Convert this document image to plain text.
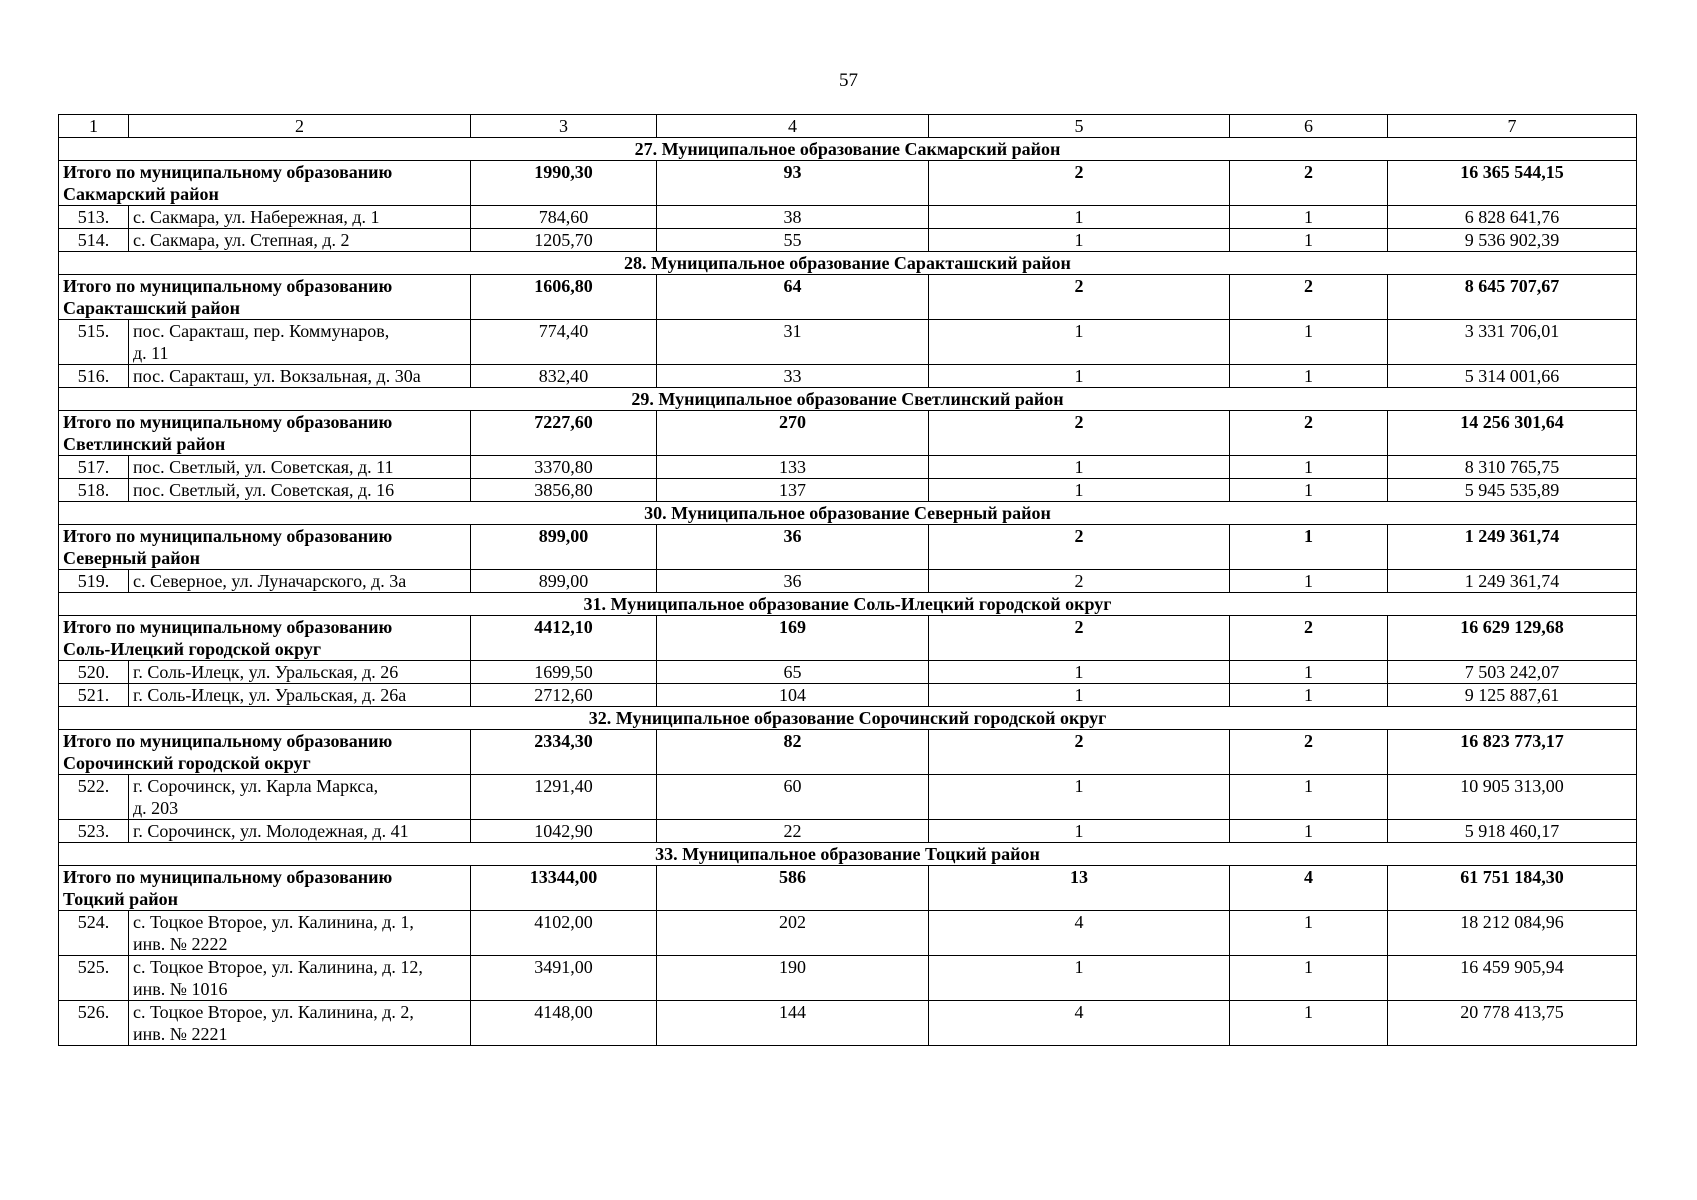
57
1	2	3	4	5	6	7
27. Муниципальное образование Сакмарский район						

Итого по муниципальному образованию
Сакмарский район		1990,30	93	2	2	16 365 544,15
513.	с. Сакмара, ул. Набережная, д. 1	784,60	38	1	1	6 828 641,76
514.	с. Сакмара, ул. Степная, д. 2	1205,70	55	1	1	9 536 902,39
28. Муниципальное образование Саракташский район						

Итого по муниципальному образованию
Саракташский район		1606,80	64	2	2	8 645 707,67
515.	пос. Саракташ, пер. Коммунаров,
д. 11	774,40	31	1	1	3 331 706,01
516.	пос. Саракташ, ул. Вокзальная, д. 30а	832,40	33	1	1	5 314 001,66
29. Муниципальное образование Светлинский район						

Итого по муниципальному образованию
Светлинский район		7227,60	270	2	2	14 256 301,64
517.	пос. Светлый, ул. Советская, д. 11	3370,80	133	1	1	8 310 765,75
518.	пос. Светлый, ул. Советская, д. 16	3856,80	137	1	1	5 945 535,89
30. Муниципальное образование Северный район						

Итого по муниципальному образованию
Северный район		899,00	36	2	1	1 249 361,74
519.	с. Северное, ул. Луначарского, д. 3а	899,00	36	2	1	1 249 361,74
31. Муниципальное образование Соль-Илецкий городской округ						

Итого по муниципальному образованию
Соль-Илецкий городской округ		4412,10	169	2	2	16 629 129,68
520.	г. Соль-Илецк, ул. Уральская, д. 26	1699,50	65	1	1	7 503 242,07
521.	г. Соль-Илецк, ул. Уральская, д. 26а	2712,60	104	1	1	9 125 887,61
32. Муниципальное образование Сорочинский городской округ						

Итого по муниципальному образованию
Сорочинский городской округ		2334,30	82	2	2	16 823 773,17
522.	г. Сорочинск, ул. Карла Маркса,
д. 203	1291,40	60	1	1	10 905 313,00
523.	г. Сорочинск, ул. Молодежная, д. 41	1042,90	22	1	1	5 918 460,17
33. Муниципальное образование Тоцкий район						

Итого по муниципальному образованию
Тоцкий район		13344,00	586	13	4	61 751 184,30
524.	с. Тоцкое Второе, ул. Калинина, д. 1,
инв. № 2222	4102,00	202	4	1	18 212 084,96
525.	с. Тоцкое Второе, ул. Калинина, д. 12,
инв. № 1016	3491,00	190	1	1	16 459 905,94
526.	с. Тоцкое Второе, ул. Калинина, д. 2,
инв. № 2221	4148,00	144	4	1	20 778 413,75
